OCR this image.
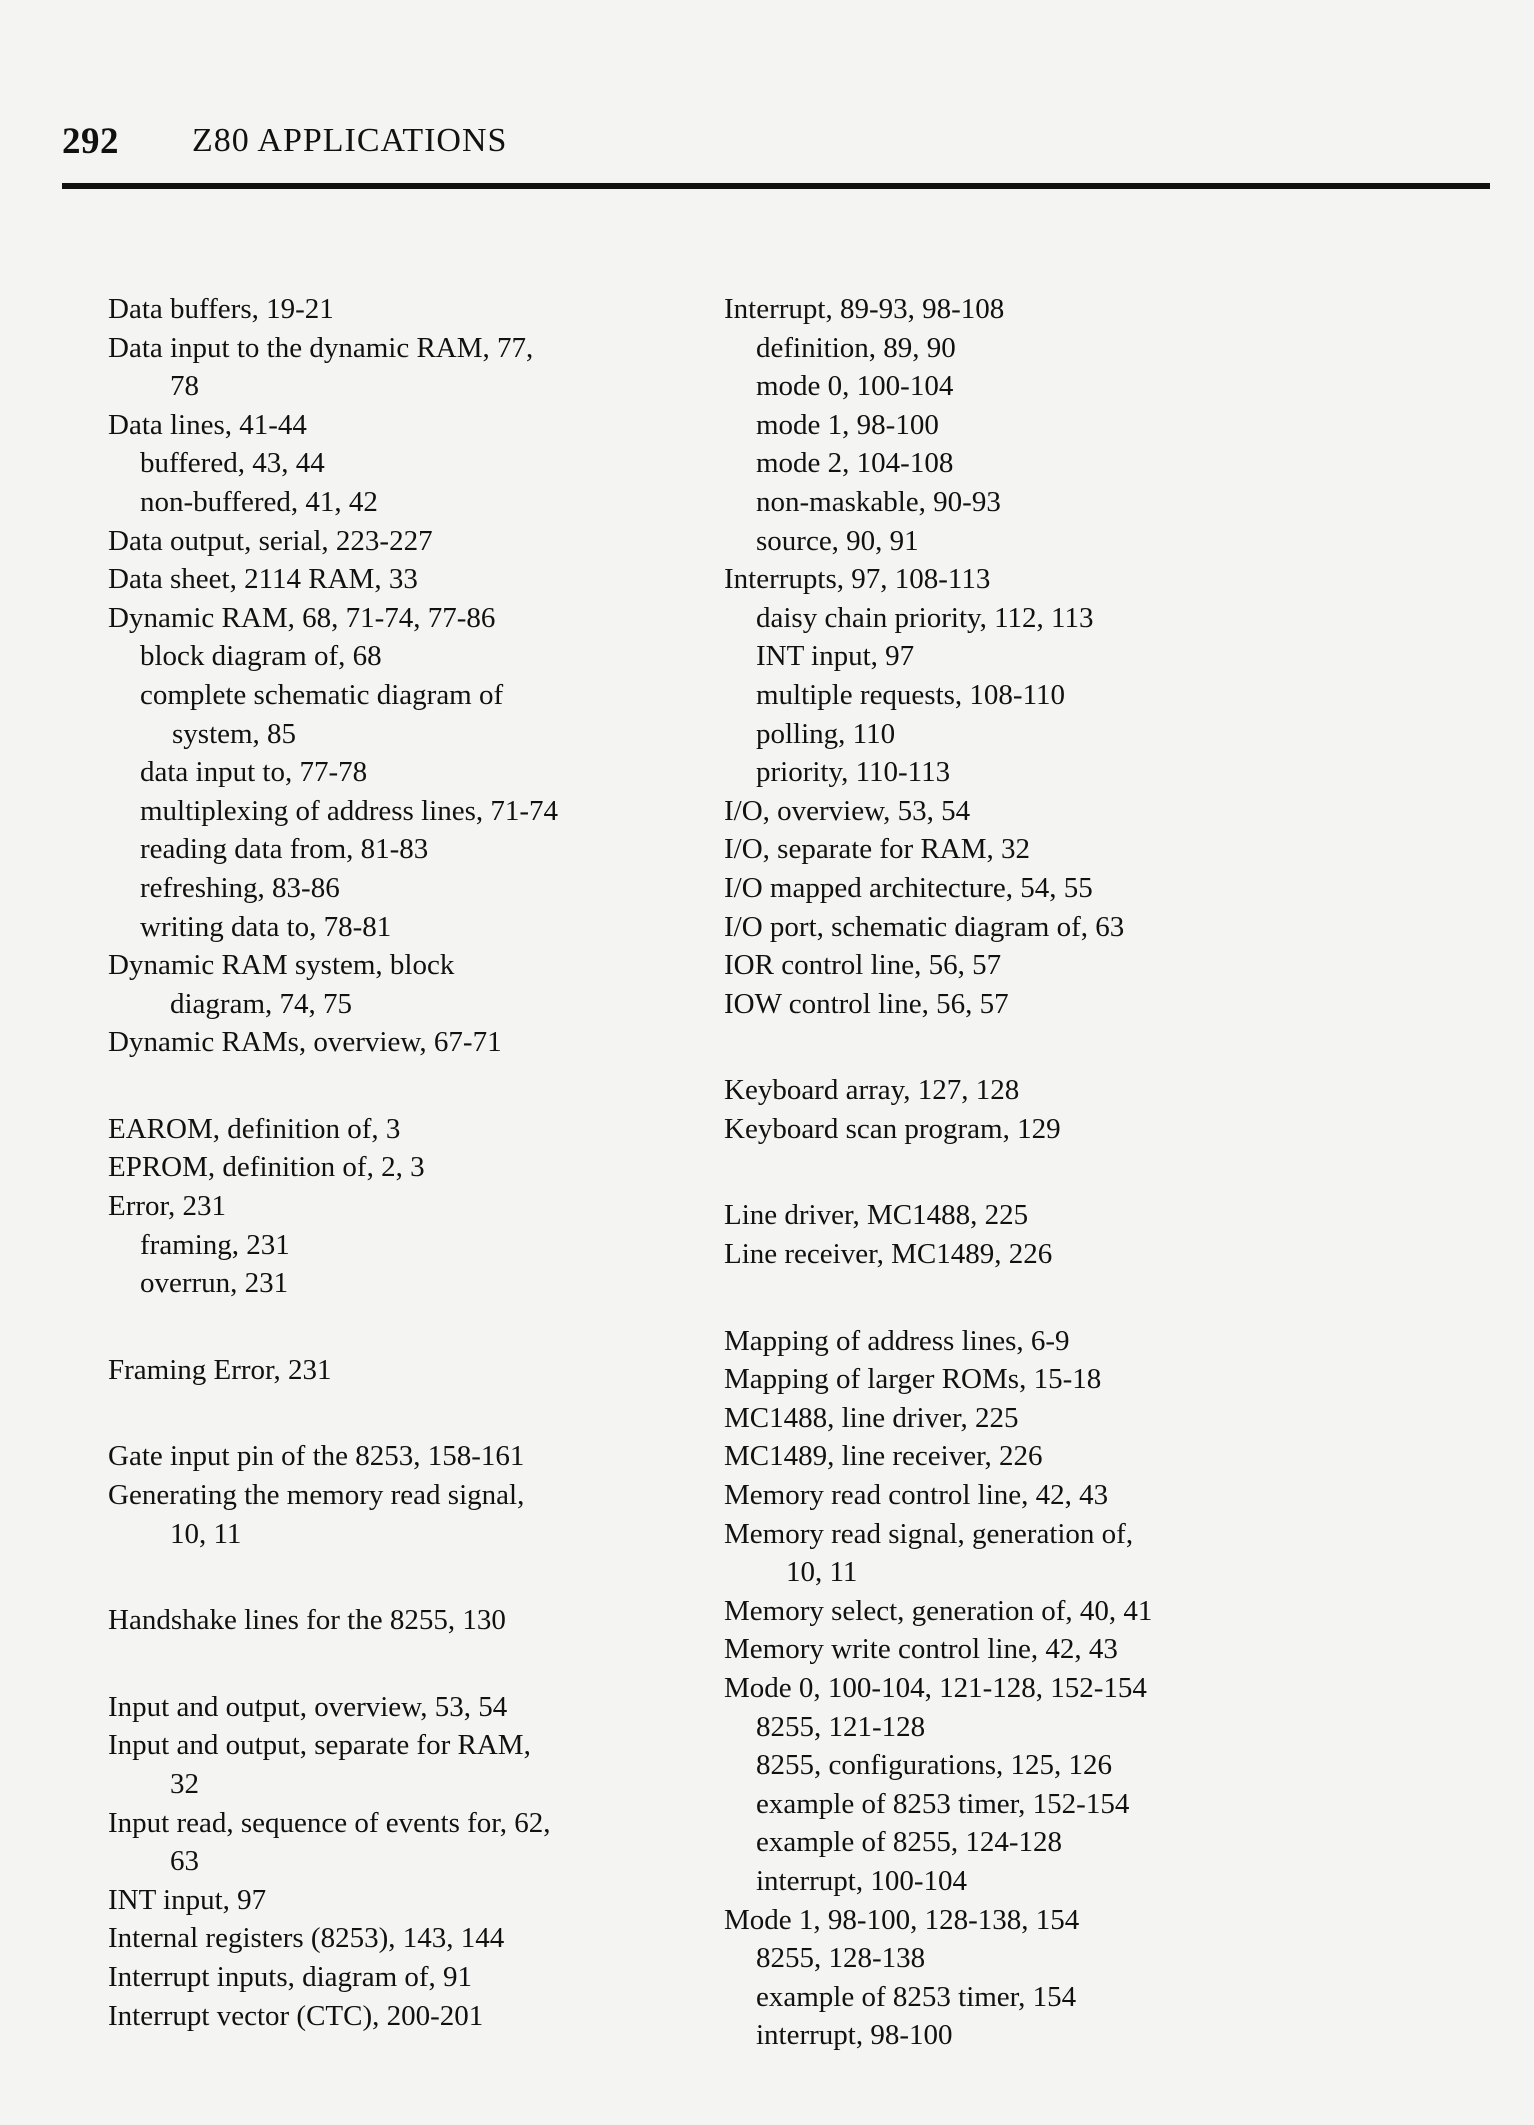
292 Z80 APPLICATIONS
Data buffers, 19-21
Data input to the dynamic RAM, 77,
78
Data lines, 41-44
buffered, 43, 44
non-buffered, 41, 42
Data output, serial, 223-227
Data sheet, 2114 RAM, 33
Dynamic RAM, 68, 71-74, 77-86
block diagram of, 68
complete schematic diagram of
system, 85
data input to, 77-78
multiplexing of address lines, 71-74
reading data from, 81-83
refreshing, 83-86
writing data to, 78-81
Dynamic RAM system, block
diagram, 74, 75
Dynamic RAMs, overview, 67-71
EAROM, definition of, 3
EPROM, definition of, 2, 3
Error, 231
framing, 231
overrun, 231
Framing Error, 231
Gate input pin of the 8253, 158-161
Generating the memory read signal,
10, 11
Handshake lines for the 8255, 130
Input and output, overview, 53, 54
Input and output, separate for RAM,
32
Input read, sequence of events for, 62,
63
INT input, 97
Internal registers (8253), 143, 144
Interrupt inputs, diagram of, 91
Interrupt vector (CTC), 200-201
Interrupt, 89-93, 98-108
definition, 89, 90
mode 0, 100-104
mode 1, 98-100
mode 2, 104-108
non-maskable, 90-93
source, 90, 91
Interrupts, 97, 108-113
daisy chain priority, 112, 113
INT input, 97
multiple requests, 108-110
polling, 110
priority, 110-113
I/O, overview, 53, 54
I/O, separate for RAM, 32
I/O mapped architecture, 54, 55
I/O port, schematic diagram of, 63
IOR control line, 56, 57
IOW control line, 56, 57
Keyboard array, 127, 128
Keyboard scan program, 129
Line driver, MC1488, 225
Line receiver, MC1489, 226
Mapping of address lines, 6-9
Mapping of larger ROMs, 15-18
MC1488, line driver, 225
MC1489, line receiver, 226
Memory read control line, 42, 43
Memory read signal, generation of,
10, 11
Memory select, generation of, 40, 41
Memory write control line, 42, 43
Mode 0, 100-104, 121-128, 152-154
8255, 121-128
8255, configurations, 125, 126
example of 8253 timer, 152-154
example of 8255, 124-128
interrupt, 100-104
Mode 1, 98-100, 128-138, 154
8255, 128-138
example of 8253 timer, 154
interrupt, 98-100
